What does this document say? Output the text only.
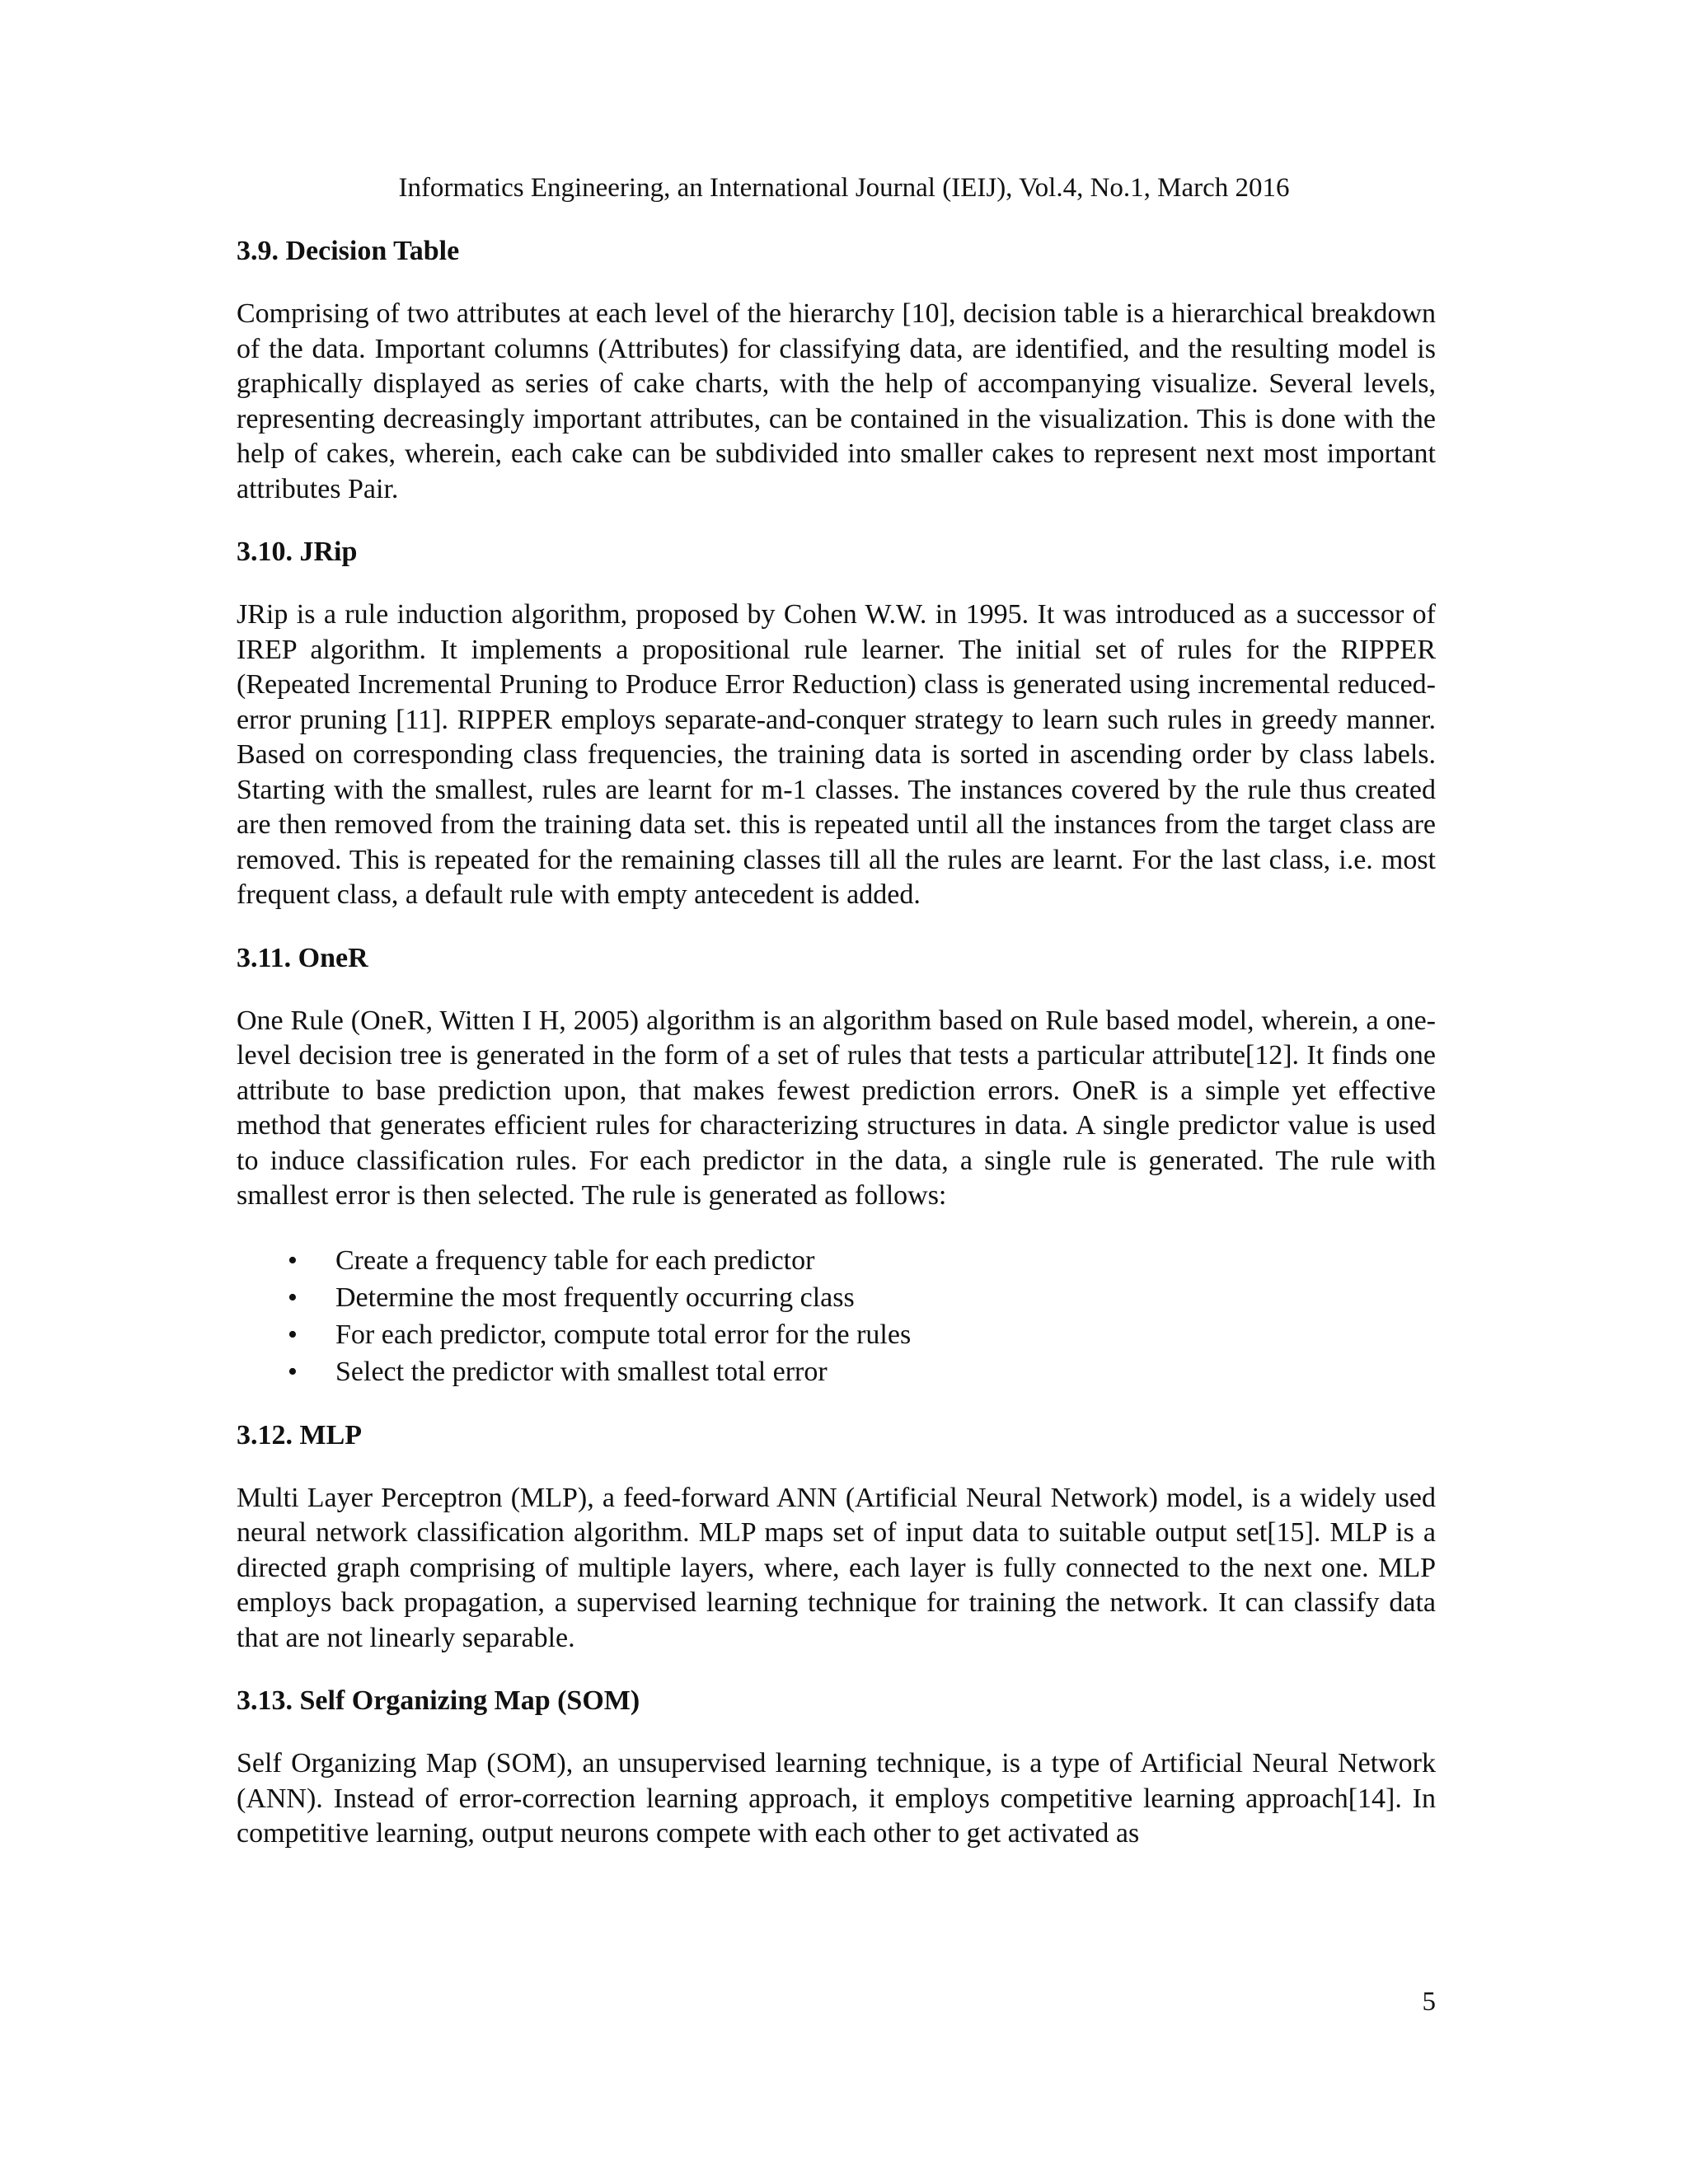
Informatics Engineering, an International Journal (IEIJ), Vol.4, No.1, March 2016
3.9. Decision Table

Comprising of two attributes at each level of the hierarchy [10], decision table is a hierarchical breakdown of the data. Important columns (Attributes) for classifying data, are identified, and the resulting model is graphically displayed as series of cake charts, with the help of accompanying visualize. Several levels, representing decreasingly important attributes, can be contained in the visualization. This is done with the help of cakes, wherein, each cake can be subdivided into smaller cakes to represent next most important attributes Pair.

3.10. JRip

JRip is a rule induction algorithm, proposed by Cohen W.W. in 1995. It was introduced as a successor of IREP algorithm. It implements a propositional rule learner. The initial set of rules for the RIPPER (Repeated Incremental Pruning to Produce Error Reduction) class is generated using incremental reduced-error pruning [11]. RIPPER employs separate-and-conquer strategy to learn such rules in greedy manner. Based on corresponding class frequencies, the training data is sorted in ascending order by class labels. Starting with the smallest, rules are learnt for m-1 classes. The instances covered by the rule thus created are then removed from the training data set. this is repeated until all the instances from the target class are removed. This is repeated for the remaining classes till all the rules are learnt. For the last class, i.e. most frequent class, a default rule with empty antecedent is added.

3.11. OneR

One Rule (OneR, Witten I H, 2005) algorithm is an algorithm based on Rule based model, wherein, a one-level decision tree is generated in the form of a set of rules that tests a particular attribute[12]. It finds one attribute to base prediction upon, that makes fewest prediction errors. OneR is a simple yet effective method that generates efficient rules for characterizing structures in data. A single predictor value is used to induce classification rules. For each predictor in the data, a single rule is generated. The rule with smallest error is then selected. The rule is generated as follows:

• Create a frequency table for each predictor
• Determine the most frequently occurring class
• For each predictor, compute total error for the rules
• Select the predictor with smallest total error
3.12. MLP

Multi Layer Perceptron (MLP), a feed-forward ANN (Artificial Neural Network) model, is a widely used neural network classification algorithm. MLP maps set of input data to suitable output set[15]. MLP is a directed graph comprising of multiple layers, where, each layer is fully connected to the next one. MLP employs back propagation, a supervised learning technique for training the network. It can classify data that are not linearly separable.

3.13. Self Organizing Map (SOM)

Self Organizing Map (SOM), an unsupervised learning technique, is a type of Artificial Neural Network (ANN). Instead of error-correction learning approach, it employs competitive learning approach[14]. In competitive learning, output neurons compete with each other to get activated as

5
